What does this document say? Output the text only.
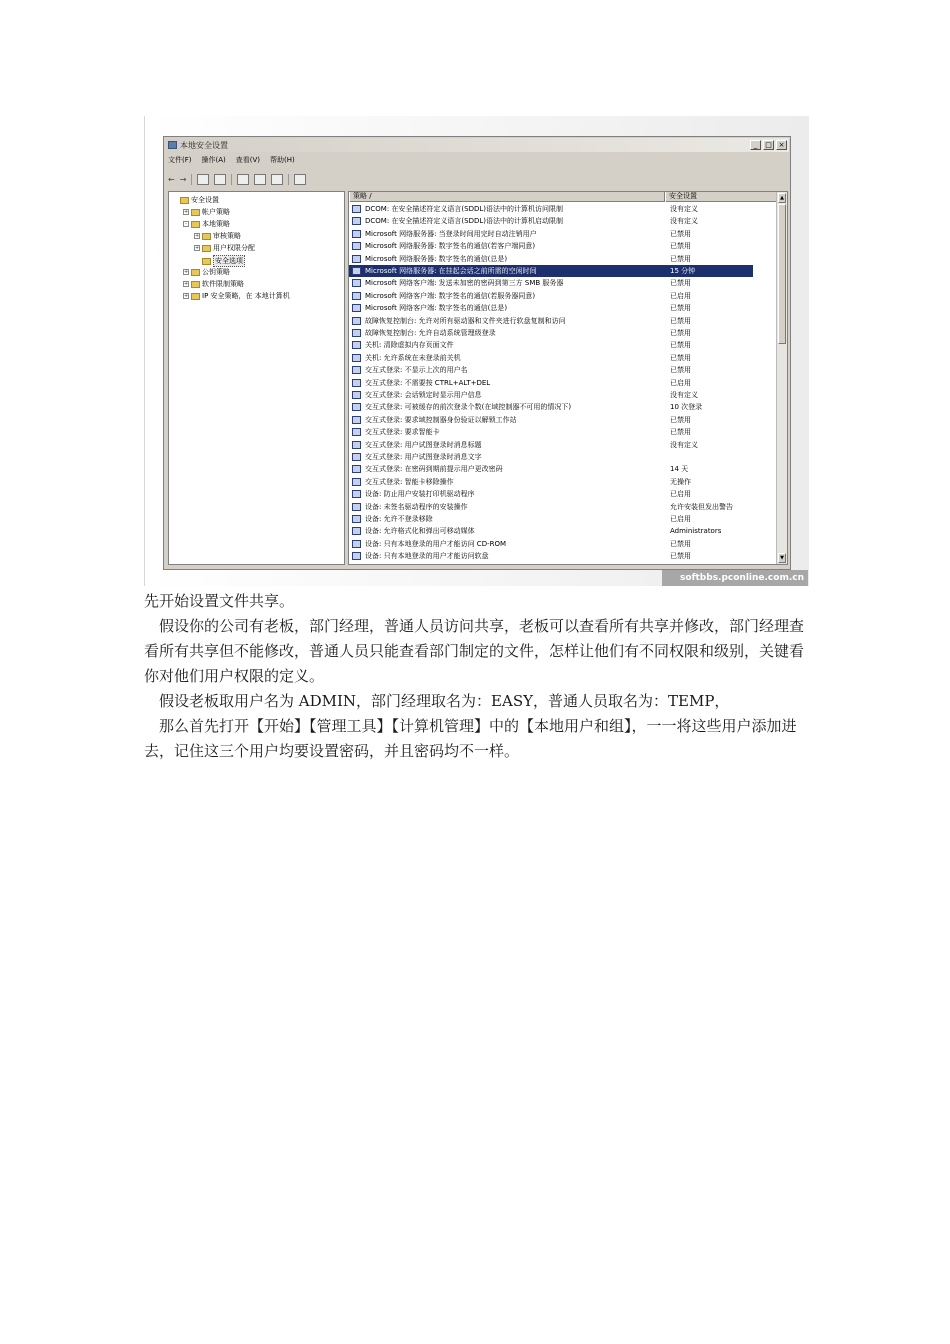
本地安全设置	_	□ ×
文件(F) 操作(A) 查看(V) 帮助(H)
← →
安全设置
+ 帐户策略
- 本地策略
+ 审核策略
+ 用户权限分配
安全选项
+ 公钥策略
+ 软件限制策略
+ IP 安全策略，在 本地计算机
策略 /	安全设置
DCOM: 在安全描述符定义语言(SDDL)语法中的计算机访问限制	没有定义
DCOM: 在安全描述符定义语言(SDDL)语法中的计算机启动限制	没有定义
Microsoft 网络服务器: 当登录时间用完时自动注销用户	已禁用
Microsoft 网络服务器: 数字签名的通信(若客户端同意)	已禁用
Microsoft 网络服务器: 数字签名的通信(总是)	已禁用
Microsoft 网络服务器: 在挂起会话之前所需的空闲时间	15 分钟
Microsoft 网络客户端: 发送未加密的密码到第三方 SMB 服务器	已禁用
Microsoft 网络客户端: 数字签名的通信(若服务器同意)	已启用
Microsoft 网络客户端: 数字签名的通信(总是)	已禁用
故障恢复控制台: 允许对所有驱动器和文件夹进行软盘复制和访问	已禁用
故障恢复控制台: 允许自动系统管理级登录	已禁用
关机: 清除虚拟内存页面文件	已禁用
关机: 允许系统在未登录前关机	已禁用
交互式登录: 不显示上次的用户名	已禁用
交互式登录: 不需要按 CTRL+ALT+DEL	已启用
交互式登录: 会话锁定时显示用户信息	没有定义
交互式登录: 可被缓存的前次登录个数(在域控制器不可用的情况下)	10 次登录
交互式登录: 要求域控制器身份验证以解锁工作站	已禁用
交互式登录: 要求智能卡	已禁用
交互式登录: 用户试图登录时消息标题	没有定义
交互式登录: 用户试图登录时消息文字
交互式登录: 在密码到期前提示用户更改密码	14 天
交互式登录: 智能卡移除操作	无操作
设备: 防止用户安装打印机驱动程序	已启用
设备: 未签名驱动程序的安装操作	允许安装但发出警告
设备: 允许不登录移除	已启用
设备: 允许格式化和弹出可移动媒体	Administrators
设备: 只有本地登录的用户才能访问 CD-ROM	已禁用
设备: 只有本地登录的用户才能访问软盘	已禁用
▲
▼
softbbs.pconline.com.cn

先开始设置文件共享。

假设你的公司有老板，部门经理，普通人员访问共享，老板可以查看所有共享并修改，部门经理查看所有共享但不能修改，普通人员只能查看部门制定的文件，怎样让他们有不同权限和级别，关键看你对他们用户权限的定义。

假设老板取用户名为 ADMIN，部门经理取名为：EASY，普通人员取名为：TEMP，

那么首先打开【开始】【管理工具】【计算机管理】中的【本地用户和组】，一一将这些用户添加进去，记住这三个用户均要设置密码，并且密码均不一样。
